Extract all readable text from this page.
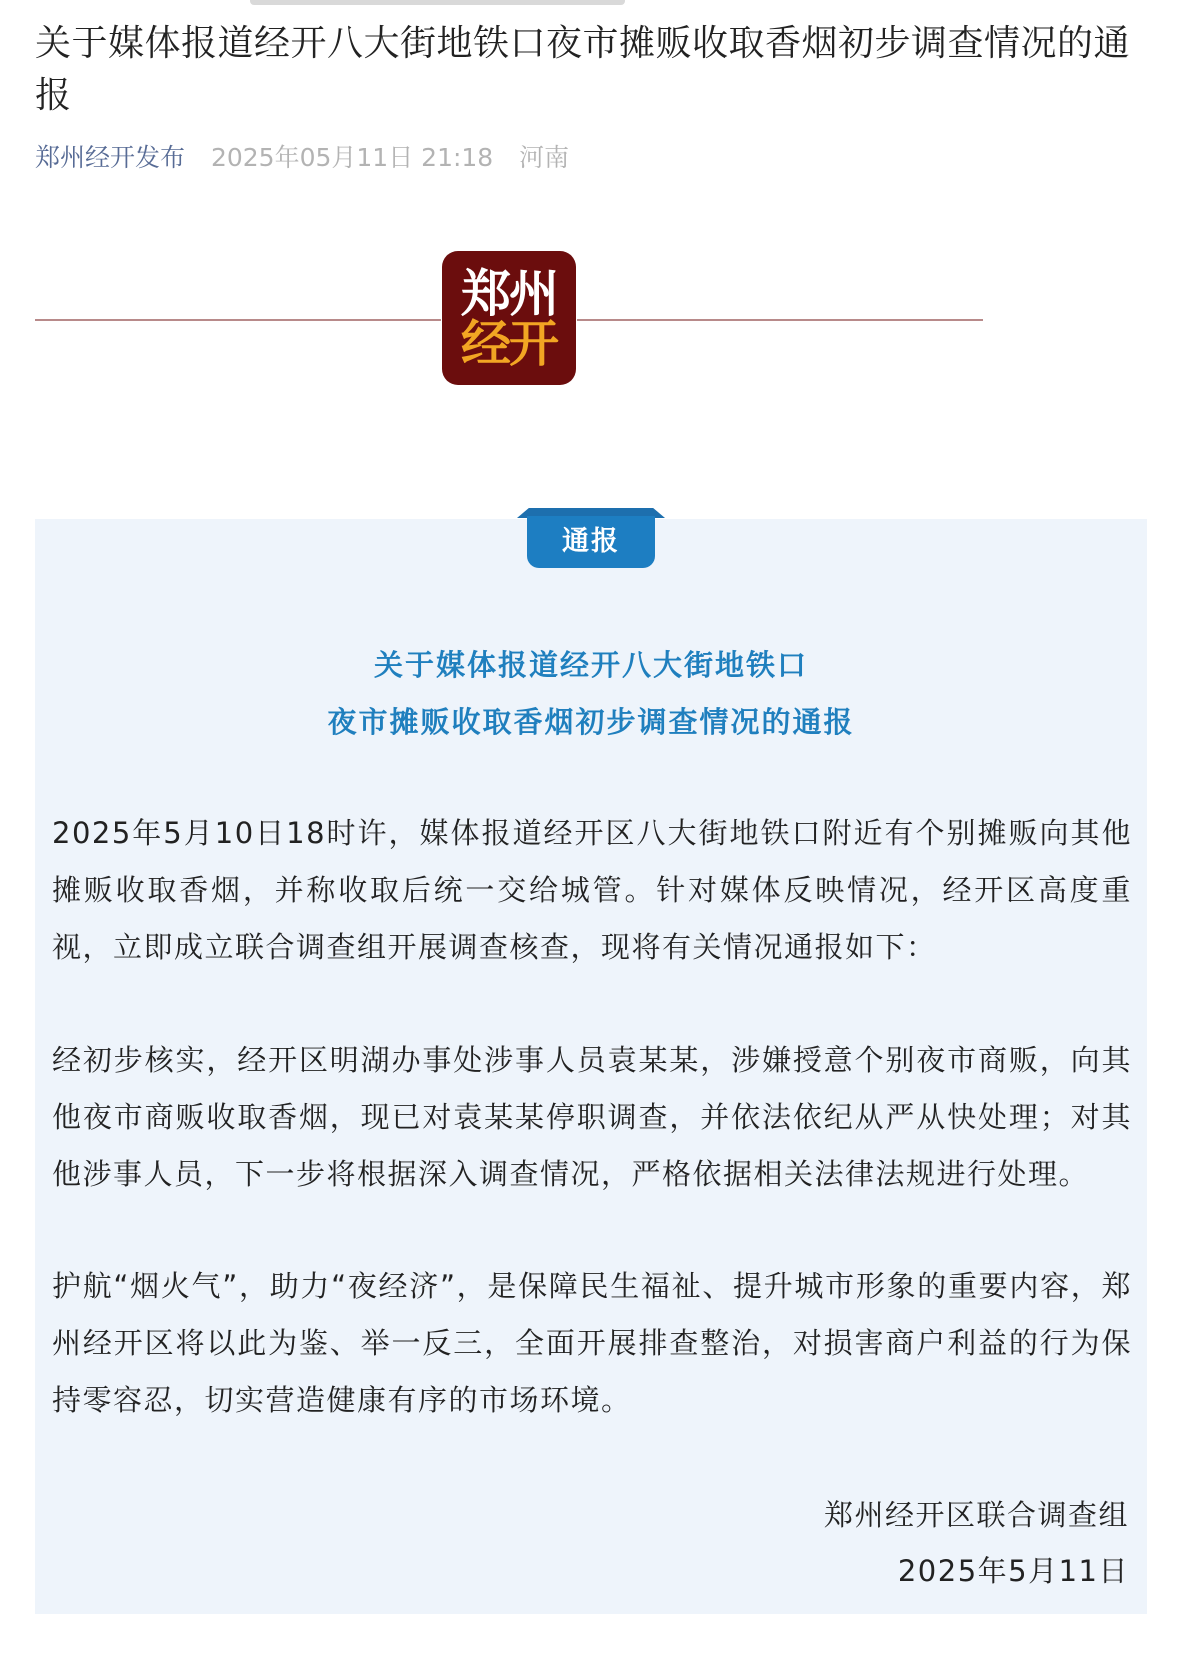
关于媒体报道经开八大街地铁口夜市摊贩收取香烟初步调查情况的通报
郑州经开发布 2025年05月11日 21:18 河南
郑州
经开
通报

关于媒体报道经开八大街地铁口

夜市摊贩收取香烟初步调查情况的通报

2025年5月10日18时许，媒体报道经开区八大街地铁口附近有个别摊贩向其他摊贩收取香烟，并称收取后统一交给城管。针对媒体反映情况，经开区高度重视，立即成立联合调查组开展调查核查，现将有关情况通报如下：

经初步核实，经开区明湖办事处涉事人员袁某某，涉嫌授意个别夜市商贩，向其他夜市商贩收取香烟，现已对袁某某停职调查，并依法依纪从严从快处理；对其他涉事人员，下一步将根据深入调查情况，严格依据相关法律法规进行处理。

护航“烟火气”，助力“夜经济”，是保障民生福祉、提升城市形象的重要内容，郑州经开区将以此为鉴、举一反三，全面开展排查整治，对损害商户利益的行为保持零容忍，切实营造健康有序的市场环境。

郑州经开区联合调查组
2025年5月11日
